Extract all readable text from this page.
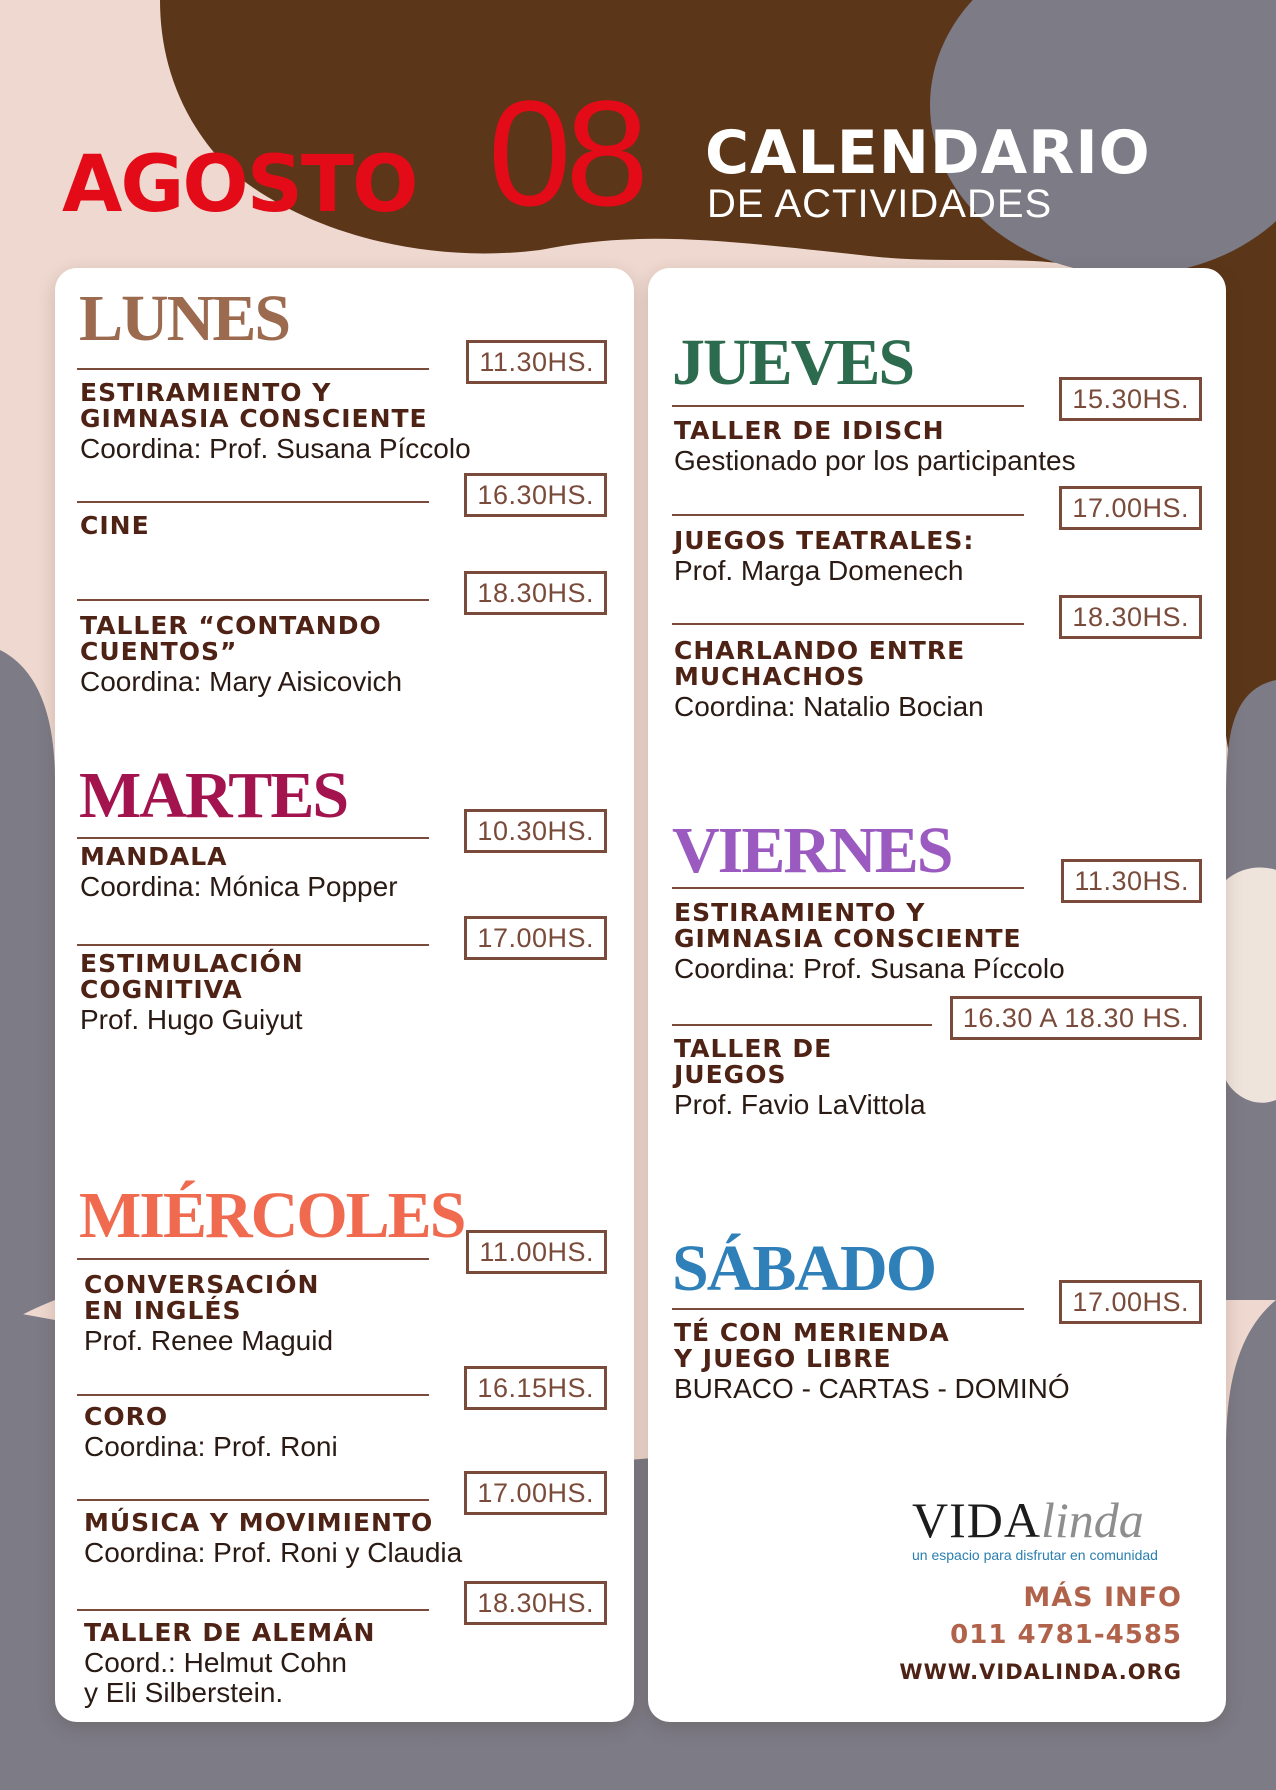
AGOSTO 08 CALENDARIO
DE ACTIVIDADES
LUNES
11.30HS.
ESTIRAMIENTO Y
GIMNASIA CONSCIENTE
Coordina: Prof. Susana Píccolo
16.30HS.
CINE
18.30HS.
TALLER “CONTANDO
CUENTOS”
Coordina: Mary Aisicovich
MARTES	10.30HS.
MANDALA
Coordina: Mónica Popper
17.00HS.
ESTIMULACIÓN
COGNITIVA
Prof. Hugo Guiyut
MIÉRCOLES 11.00HS.
CONVERSACIÓN
EN INGLÉS
Prof. Renee Maguid
16.15HS.
CORO
Coordina: Prof. Roni
17.00HS.
MÚSICA Y MOVIMIENTO
Coordina: Prof. Roni y Claudia
18.30HS.
TALLER DE ALEMÁN
Coord.: Helmut Cohn
y Eli Silberstein.
JUEVES	15.30HS.
TALLER DE IDISCH
Gestionado por los participantes
17.00HS.
JUEGOS TEATRALES:
Prof. Marga Domenech
18.30HS.
CHARLANDO ENTRE
MUCHACHOS
Coordina: Natalio Bocian
VIERNES	11.30HS.
ESTIRAMIENTO Y
GIMNASIA CONSCIENTE
Coordina: Prof. Susana Píccolo
16.30 A 18.30 HS.
TALLER DE
JUEGOS
Prof. Favio LaVittola
SÁBADO	17.00HS.
TÉ CON MERIENDA
Y JUEGO LIBRE
BURACO - CARTAS - DOMINÓ
VIDAlinda
un espacio para disfrutar en comunidad
MÁS INFO
011 4781-4585
WWW.VIDALINDA.ORG
